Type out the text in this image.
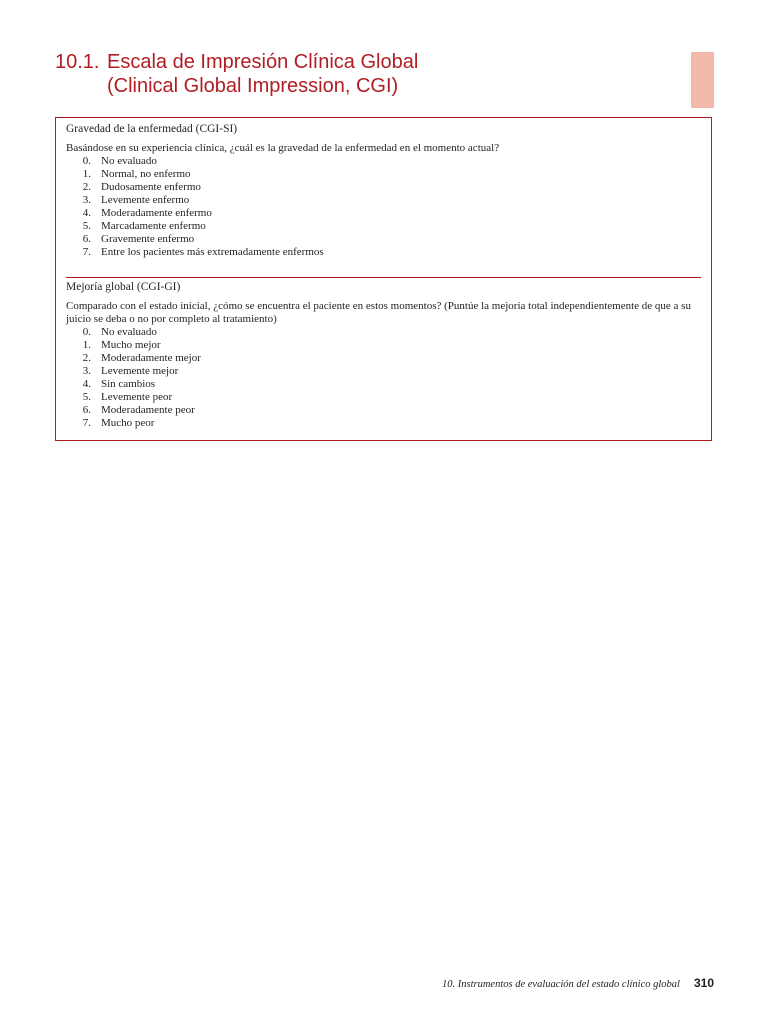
10.1. Escala de Impresión Clínica Global
(Clinical Global Impression, CGI)
Gravedad de la enfermedad (CGI-SI)

Basándose en su experiencia clínica, ¿cuál es la gravedad de la enfermedad en el momento actual?

0. No evaluado
1. Normal, no enfermo
2. Dudosamente enfermo
3. Levemente enfermo
4. Moderadamente enfermo
5. Marcadamente enfermo
6. Gravemente enfermo
7. Entre los pacientes más extremadamente enfermos
Mejoría global (CGI-GI)

Comparado con el estado inicial, ¿cómo se encuentra el paciente en estos momentos? (Puntúe la mejoría total independientemente de que a su juicio se deba o no por completo al tratamiento)

0. No evaluado
1. Mucho mejor
2. Moderadamente mejor
3. Levemente mejor
4. Sin cambios
5. Levemente peor
6. Moderadamente peor
7. Mucho peor
10. Instrumentos de evaluación del estado clínico global 310
